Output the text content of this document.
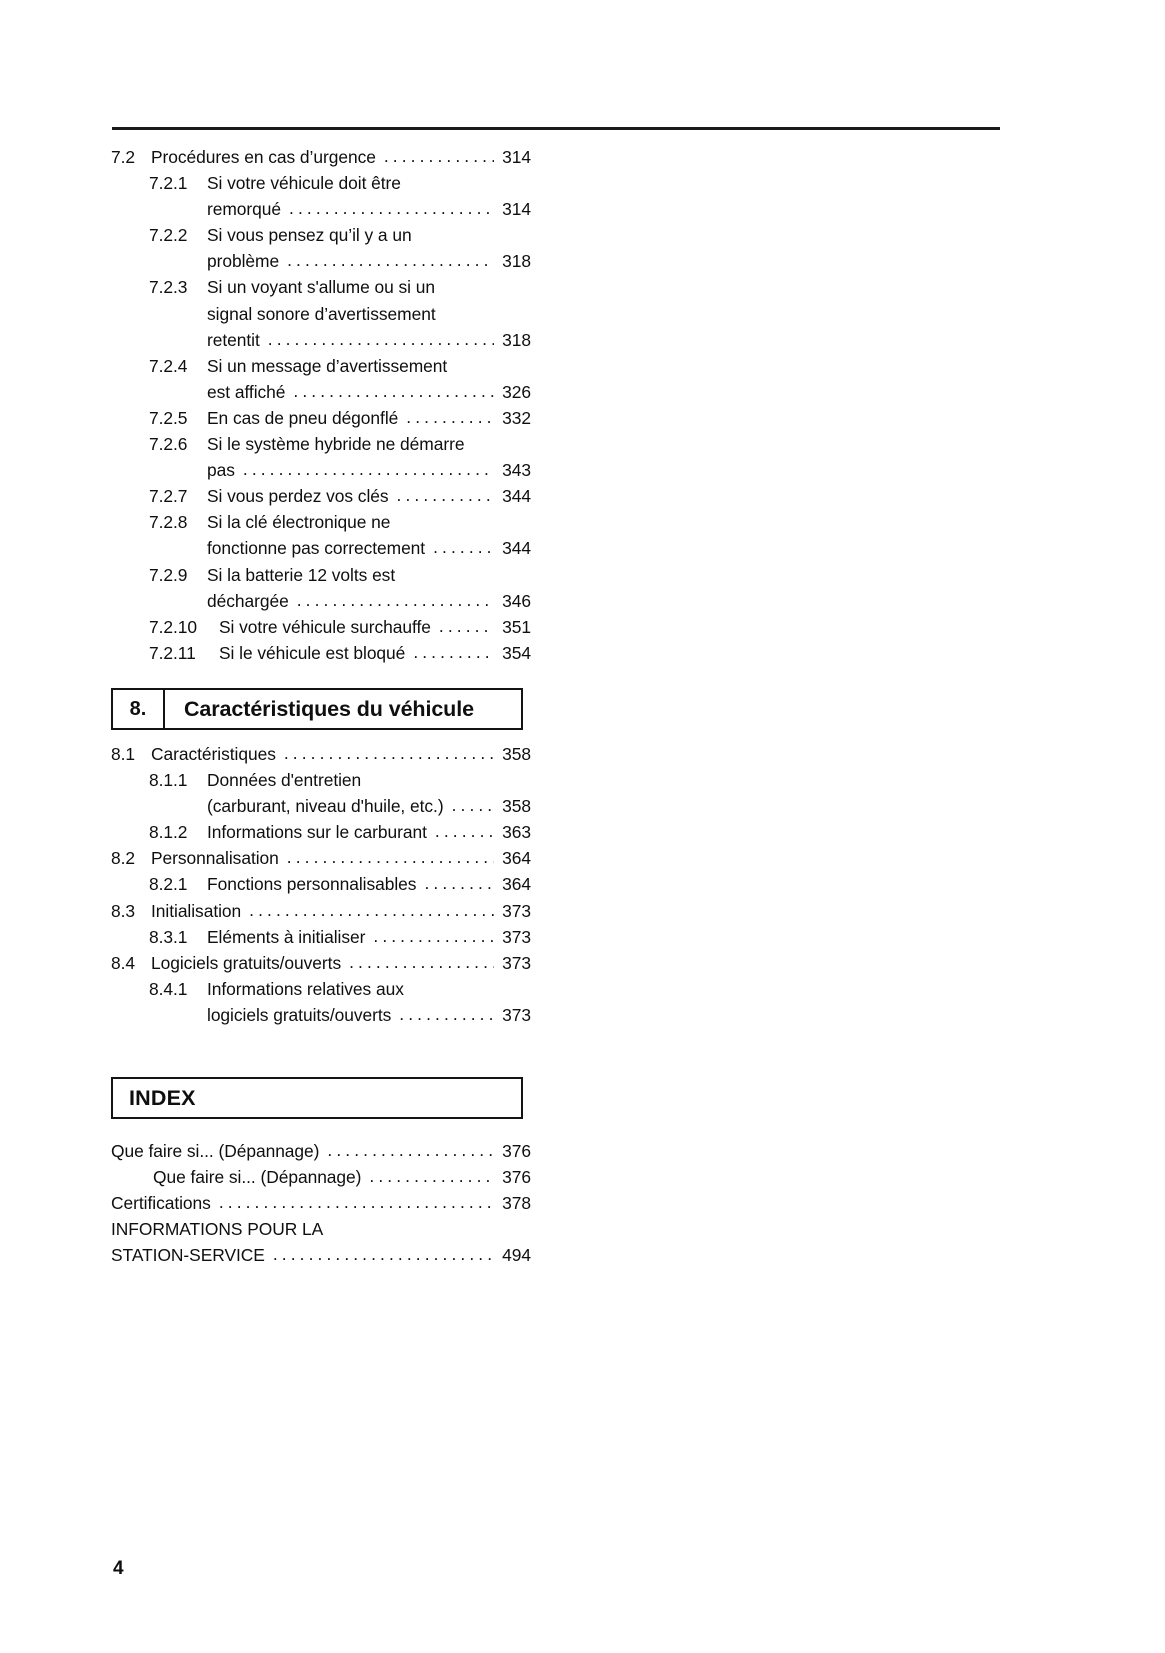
7.2 Procédures en cas d’urgence .....	314
7.2.1	Si votre véhicule doit être
remorqué .....	314
7.2.2	Si vous pensez qu’il y a un
problème .....	318
7.2.3	Si un voyant s'allume ou si un
signal sonore d’avertissement
retentit .....	318
7.2.4	Si un message d’avertissement
est affiché .....	326
7.2.5	En cas de pneu dégonflé .....	332
7.2.6	Si le système hybride ne démarre
pas .....	343
7.2.7	Si vous perdez vos clés .....	344
7.2.8	Si la clé électronique ne
fonctionne pas correctement .....	344
7.2.9	Si la batterie 12 volts est
déchargée .....	346
7.2.10	Si votre véhicule surchauffe .....	351
7.2.11	Si le véhicule est bloqué .....	354
8.	Caractéristiques du véhicule
8.1 Caractéristiques .....	358
8.1.1	Données d'entretien
(carburant, niveau d'huile, etc.) .....	358
8.1.2	Informations sur le carburant .....	363
8.2 Personnalisation .....	364
8.2.1	Fonctions personnalisables .....	364
8.3 Initialisation .....	373
8.3.1	Eléments à initialiser .....	373
8.4 Logiciels gratuits/ouverts .....	373
8.4.1	Informations relatives aux
logiciels gratuits/ouverts .....	373
INDEX
Que faire si... (Dépannage) .....	376
Que faire si... (Dépannage) .....	376
Certifications .....	378
INFORMATIONS POUR LA
STATION-SERVICE .....	494
4
